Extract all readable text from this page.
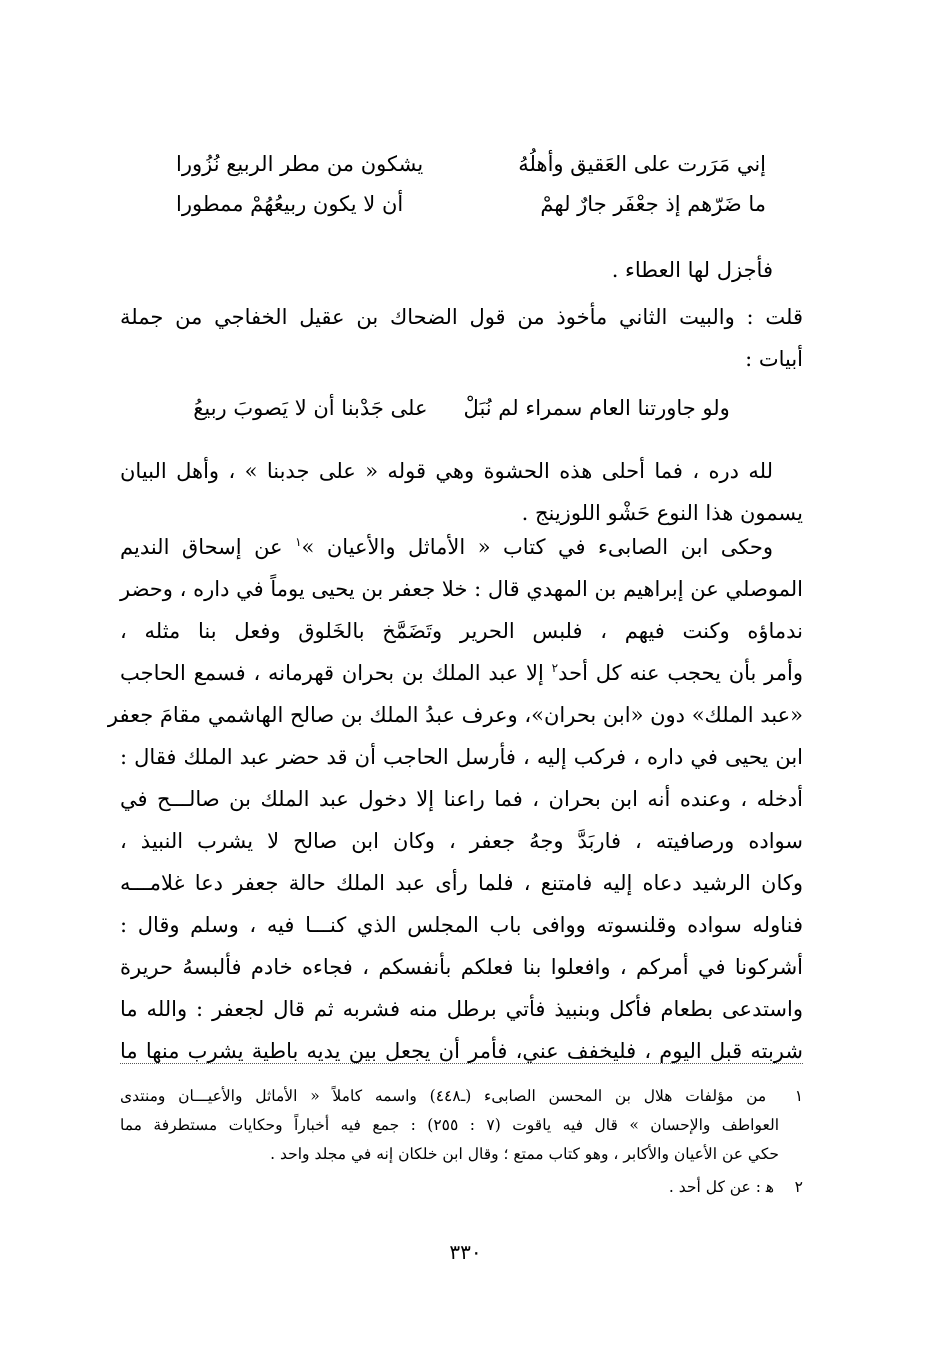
إني مَرَرت على العَقيق وأهلُهُيشكون من مطر الربيع نُزُورا
ما ضَرّهم إذ جعْفَر جارٌ لهمْأن لا يكون ربيعُهُمْ ممطورا
فأجزل لها العطاء .
قلت : والبيت الثاني مأخوذ من قول الضحاك بن عقيل الخفاجي من جملة
أبيات :
ولو جاورتنا العام سمراء لم نُبَلْعلى جَدْبنا أن لا يَصوبَ ربيعُ
لله دره ، فما أحلى هذه الحشوة وهي قوله « على جدبنا » ، وأهل البيان
يسمون هذا النوع حَشْو اللوزينج .
وحكى ابن الصابىء في كتاب « الأماثل والأعيان »$^١$ عن إسحاق النديم
الموصلي عن إبراهيم بن المهدي قال : خلا جعفر بن يحيى يوماً في داره ، وحضر
ندماؤه وكنت فيهم ، فلبس الحرير وتَضَمَّخ بالخَلوق وفعل بنا مثله ،
وأمر بأن يحجب عنه كل أحد$^٢$ إلا عبد الملك بن بحران قهرمانه ، فسمع الحاجب
«عبد الملك» دون «ابن بحران»، وعرف عبدُ الملك بن صالح الهاشمي مقامَ جعفر
ابن يحيى في داره ، فركب إليه ، فأرسل الحاجب أن قد حضر عبد الملك فقال :
أدخله ، وعنده أنه ابن بحران ، فما راعنا إلا دخول عبد الملك بن صالـــح في
سواده ورصافيته ، فاربَدَّ وجهُ جعفر ، وكان ابن صالح لا يشرب النبيذ ،
وكان الرشيد دعاه إليه فامتنع ، فلما رأى عبد الملك حالة جعفر دعا غلامـــه
فناوله سواده وقلنسوته ووافى باب المجلس الذي كنـــا فيه ، وسلم وقال :
أشركونا في أمركم ، وافعلوا بنا فعلكم بأنفسكم ، فجاءه خادم فألبسهُ حريرة
واستدعى بطعام فأكل وبنبيذ فأتي برطل منه فشربه ثم قال لجعفر : والله ما
شربته قبل اليوم ، فليخفف عني، فأمر أن يجعل بين يديه باطية يشرب منها ما
١ من مؤلفات هلال بن المحسن الصابىء (ـ٤٤٨) واسمه كاملاً « الأماثل والأعيـــان ومنتدى
العواطف والإحسان » قال فيه ياقوت (٧ : ٢٥٥) : جمع فيه أخباراً وحكايات مستطرفة مما
حكي عن الأعيان والأكابر ، وهو كتاب ممتع ؛ وقال ابن خلكان إنه في مجلد واحد .
٢ ﻫ : عن كل أحد .
٣٣٠
